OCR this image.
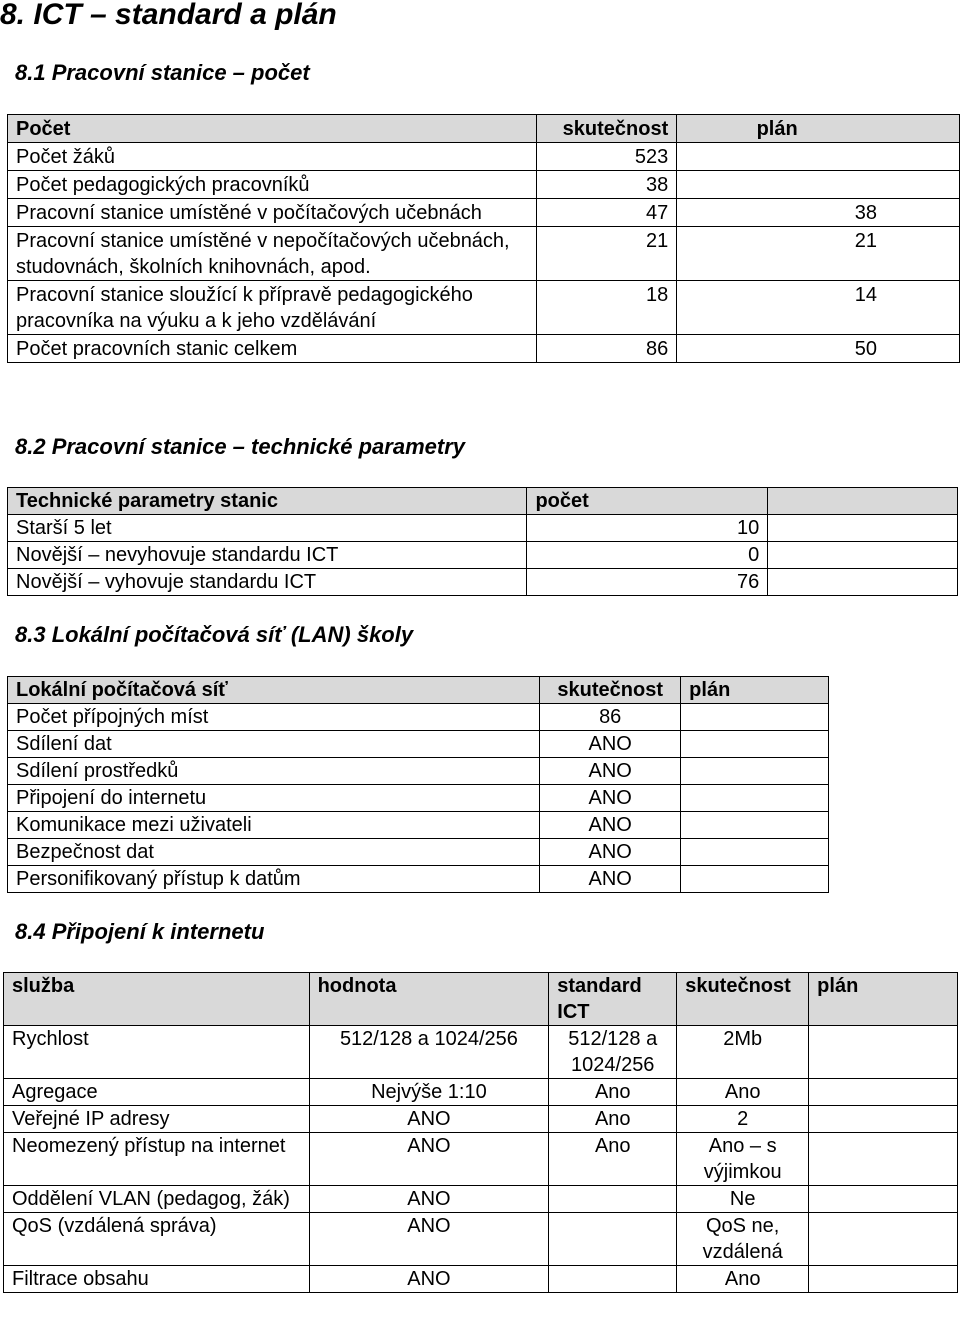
8. ICT – standard a plán
8.1 Pracovní stanice – počet
Počet	skutečnost	plán
Počet žáků	523	
Počet pedagogických pracovníků	38	
Pracovní stanice umístěné v počítačových učebnách	47	38
Pracovní stanice umístěné v nepočítačových učebnách, studovnách, školních knihovnách, apod.	21	21
Pracovní stanice sloužící k přípravě pedagogického pracovníka na výuku a k jeho vzdělávání	18	14
Počet pracovních stanic celkem	86	50
8.2 Pracovní stanice – technické parametry
Technické parametry stanic	počet	
Starší 5 let	10	
Novější – nevyhovuje standardu ICT	0	
Novější – vyhovuje standardu ICT	76	
8.3 Lokální počítačová síť (LAN) školy
Lokální počítačová síť	skutečnost	plán
Počet přípojných míst	86	
Sdílení dat	ANO	
Sdílení prostředků	ANO	
Připojení do internetu	ANO	
Komunikace mezi uživateli	ANO	
Bezpečnost dat	ANO	
Personifikovaný přístup k datům	ANO	
8.4 Připojení k internetu
služba	hodnota	standard ICT	skutečnost	plán
Rychlost	512/128 a 1024/256	512/128 a 1024/256	2Mb	
Agregace	Nejvýše 1:10	Ano	Ano	
Veřejné IP adresy	ANO	Ano	2	
Neomezený přístup na internet	ANO	Ano	Ano – s výjimkou	
Oddělení VLAN (pedagog, žák)	ANO		Ne	
QoS (vzdálená správa)	ANO		QoS ne, vzdálená	
Filtrace obsahu	ANO		Ano	
